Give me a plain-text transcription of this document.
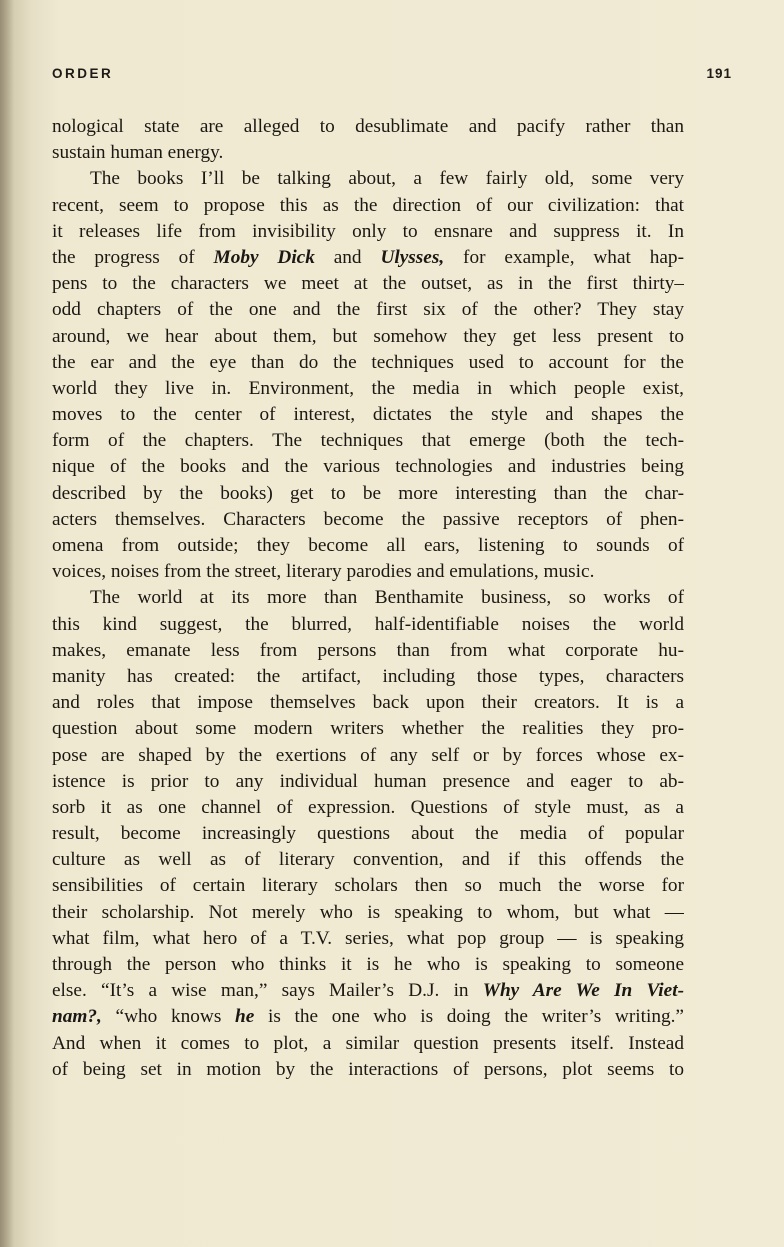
ORDER	191
nological state are alleged to desublimate and pacify rather than
sustain human energy.
The books I’ll be talking about, a few fairly old, some very
recent, seem to propose this as the direction of our civilization: that
it releases life from invisibility only to ensnare and suppress it. In
the progress of Moby Dick and Ulysses, for example, what hap-
pens to the characters we meet at the outset, as in the first thirty–
odd chapters of the one and the first six of the other? They stay
around, we hear about them, but somehow they get less present to
the ear and the eye than do the techniques used to account for the
world they live in. Environment, the media in which people exist,
moves to the center of interest, dictates the style and shapes the
form of the chapters. The techniques that emerge (both the tech-
nique of the books and the various technologies and industries being
described by the books) get to be more interesting than the char-
acters themselves. Characters become the passive receptors of phen-
omena from outside; they become all ears, listening to sounds of
voices, noises from the street, literary parodies and emulations, music.
The world at its more than Benthamite business, so works of
this kind suggest, the blurred, half-identifiable noises the world
makes, emanate less from persons than from what corporate hu-
manity has created: the artifact, including those types, characters
and roles that impose themselves back upon their creators. It is a
question about some modern writers whether the realities they pro-
pose are shaped by the exertions of any self or by forces whose ex-
istence is prior to any individual human presence and eager to ab-
sorb it as one channel of expression. Questions of style must, as a
result, become increasingly questions about the media of popular
culture as well as of literary convention, and if this offends the
sensibilities of certain literary scholars then so much the worse for
their scholarship. Not merely who is speaking to whom, but what —
what film, what hero of a T.V. series, what pop group — is speaking
through the person who thinks it is he who is speaking to someone
else. “It’s a wise man,” says Mailer’s D.J. in Why Are We In Viet-
nam?, “who knows he is the one who is doing the writer’s writing.”
And when it comes to plot, a similar question presents itself. Instead
of being set in motion by the interactions of persons, plot seems to
